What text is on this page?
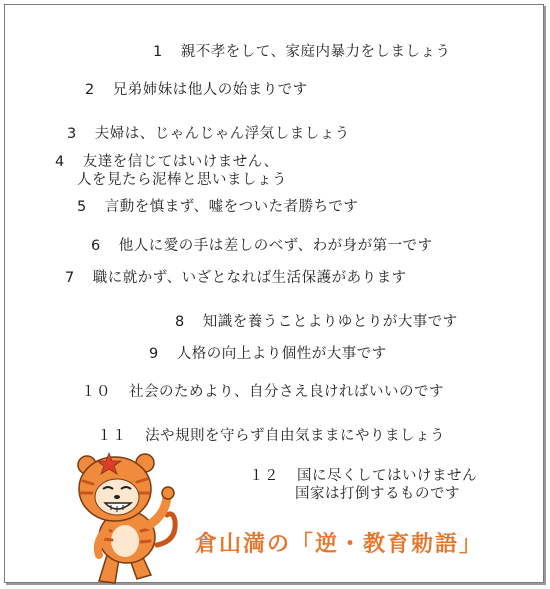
1 親不孝をして、家庭内暴力をしましょう
2 兄弟姉妹は他人の始まりです
3 夫婦は、じゃんじゃん浮気しましょう
4 友達を信じてはいけません、
人を見たら泥棒と思いましょう
5 言動を慎まず、嘘をついた者勝ちです
6 他人に愛の手は差しのべず、わが身が第一です
7 職に就かず、いざとなれば生活保護があります
8 知識を養うことよりゆとりが大事です
9 人格の向上より個性が大事です
１０ 社会のためより、自分さえ良ければいいのです
１１ 法や規則を守らず自由気ままにやりましょう
１２ 国に尽くしてはいけません
国家は打倒するものです
倉山満の「逆・教育勅語」
